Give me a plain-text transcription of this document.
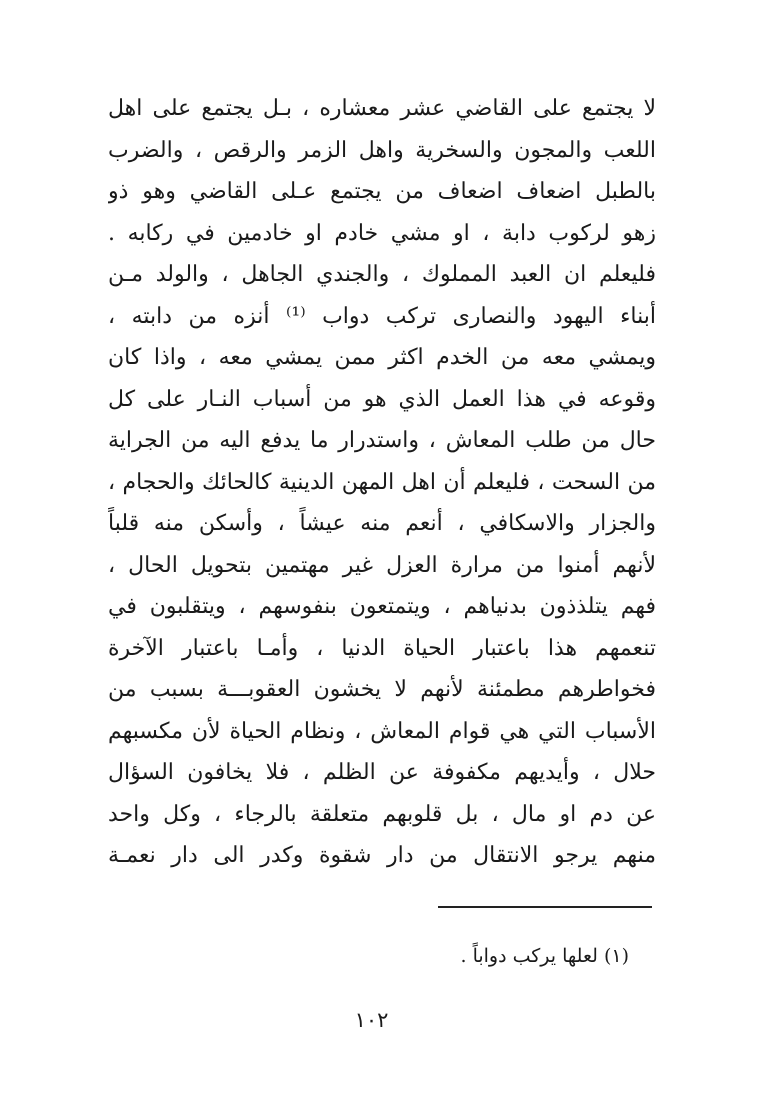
لا يجتمع على القاضي عشر معشاره ، بـل يجتمع على اهل
اللعب والمجون والسخرية واهل الزمر والرقص ، والضرب
بالطبل اضعاف اضعاف من يجتمع عـلى القاضي وهو ذو
زهو لركوب دابة ، او مشي خادم او خادمين في ركابه .
فليعلم ان العبد المملوك ، والجندي الجاهل ، والولد مـن
أبناء اليهود والنصارى تركب دواب ⁽¹⁾ أنزه من دابته ،
ويمشي معه من الخدم اكثر ممن يمشي معه ، واذا كان
وقوعه في هذا العمل الذي هو من أسباب النـار على كل
حال من طلب المعاش ، واستدرار ما يدفع اليه من الجراية
من السحت ، فليعلم أن اهل المهن الدينية كالحائك والحجام ،
والجزار والاسكافي ، أنعم منه عيشاً ، وأسكن منه قلباً
لأنهم أمنوا من مرارة العزل غير مهتمين بتحويل الحال ،
فهم يتلذذون بدنياهم ، ويتمتعون بنفوسهم ، ويتقلبون في
تنعمهم هذا باعتبار الحياة الدنيا ، وأمـا باعتبار الآخرة
فخواطرهم مطمئنة لأنهم لا يخشون العقوبـــة بسبب من
الأسباب التي هي قوام المعاش ، ونظام الحياة لأن مكسبهم
حلال ، وأيديهم مكفوفة عن الظلم ، فلا يخافون السؤال
عن دم او مال ، بل قلوبهم متعلقة بالرجاء ، وكل واحد
منهم يرجو الانتقال من دار شقوة وكدر الى دار نعمـة
(١) لعلها يركب دواباً .
١٠٢
